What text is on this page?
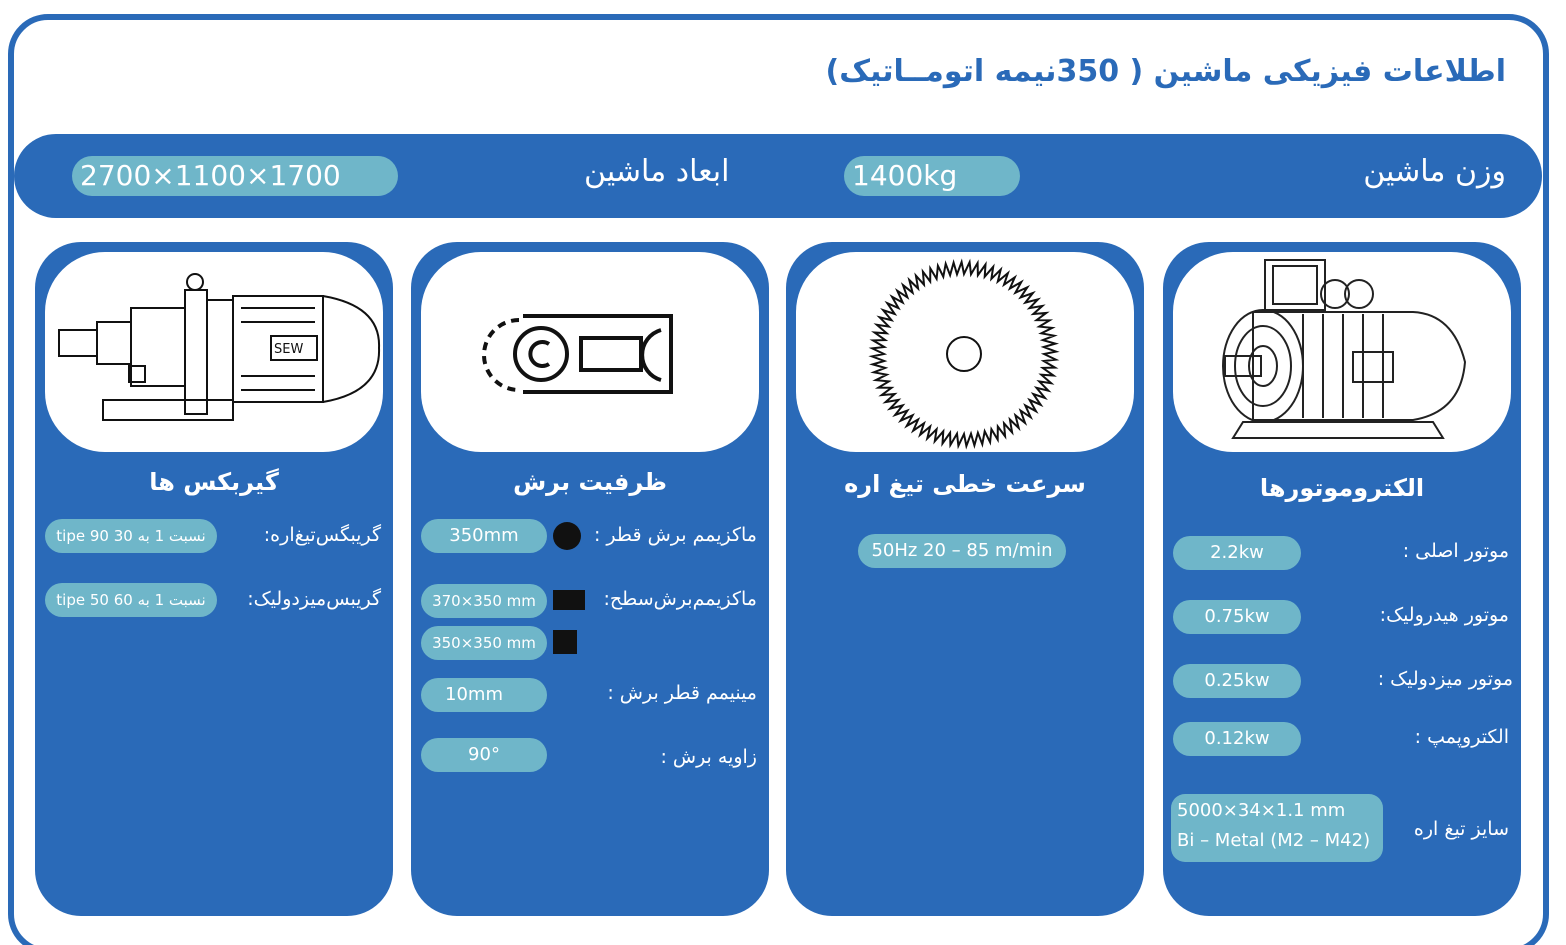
اطلاعات فیزیکی ماشین ( 350نیمه اتومــاتیک)
وزن ماشین
1400kg
ابعاد ماشین
2700×1100×1700
الکتروموتورها
موتور اصلی :
2.2kw
موتور هیدرولیک:
0.75kw
موتور میزدولیک :
0.25kw
الکتروپمپ :
0.12kw
سایز تیغ اره
5000×34×1.1 mm
Bi – Metal (M2 – M42)
سرعت خطی تیغ اره
50Hz 20 – 85 m/min
ظرفیت برش
ماکزیمم برش قطر :
350mm
ماکزیمم‌برش‌سطح:
370×350 mm
350×350 mm
مینیمم قطر برش :
10mm
زاویه برش :
90°
SEW
گیربکس ها
گریبگس‌تیغ‌اره:
tipe 90 نسبت 1 به 30
گریبس‌میزدولیک:
tipe 50 نسبت 1 به 60
